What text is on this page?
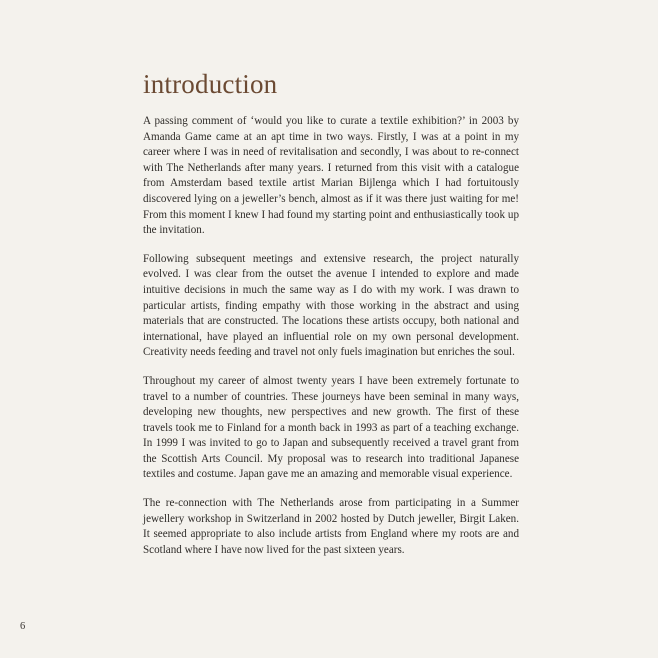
introduction

A passing comment of ‘would you like to curate a textile exhibition?’ in 2003 by Amanda Game came at an apt time in two ways. Firstly, I was at a point in my career where I was in need of revitalisation and secondly, I was about to re-connect with The Netherlands after many years. I returned from this visit with a catalogue from Amsterdam based textile artist Marian Bijlenga which I had fortuitously discovered lying on a jeweller’s bench, almost as if it was there just waiting for me! From this moment I knew I had found my starting point and enthusiastically took up the invitation.

Following subsequent meetings and extensive research, the project naturally evolved. I was clear from the outset the avenue I intended to explore and made intuitive decisions in much the same way as I do with my work. I was drawn to particular artists, finding empathy with those working in the abstract and using materials that are constructed. The locations these artists occupy, both national and international, have played an influential role on my own personal development. Creativity needs feeding and travel not only fuels imagination but enriches the soul.

Throughout my career of almost twenty years I have been extremely fortunate to travel to a number of countries. These journeys have been seminal in many ways, developing new thoughts, new perspectives and new growth. The first of these travels took me to Finland for a month back in 1993 as part of a teaching exchange. In 1999 I was invited to go to Japan and subsequently received a travel grant from the Scottish Arts Council. My proposal was to research into traditional Japanese textiles and costume. Japan gave me an amazing and memorable visual experience.

The re-connection with The Netherlands arose from participating in a Summer jewellery workshop in Switzerland in 2002 hosted by Dutch jeweller, Birgit Laken. It seemed appropriate to also include artists from England where my roots are and Scotland where I have now lived for the past sixteen years.

6
